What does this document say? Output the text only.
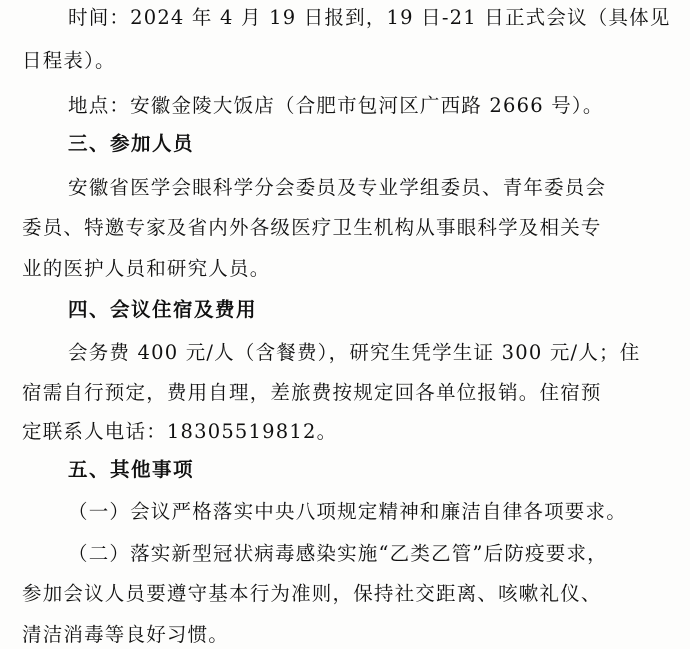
时间：2024 年 4 月 19 日报到，19 日-21 日正式会议（具体见
日程表）。
地点：安徽金陵大饭店（合肥市包河区广西路 2666 号）。
三、参加人员
安徽省医学会眼科学分会委员及专业学组委员、青年委员会
委员、特邀专家及省内外各级医疗卫生机构从事眼科学及相关专
业的医护人员和研究人员。
四、会议住宿及费用
会务费 400 元/人（含餐费），研究生凭学生证 300 元/人；住
宿需自行预定，费用自理，差旅费按规定回各单位报销。住宿预
定联系人电话：18305519812。
五、其他事项
（一）会议严格落实中央八项规定精神和廉洁自律各项要求。
（二）落实新型冠状病毒感染实施“乙类乙管”后防疫要求，
参加会议人员要遵守基本行为准则，保持社交距离、咳嗽礼仪、
清洁消毒等良好习惯。
